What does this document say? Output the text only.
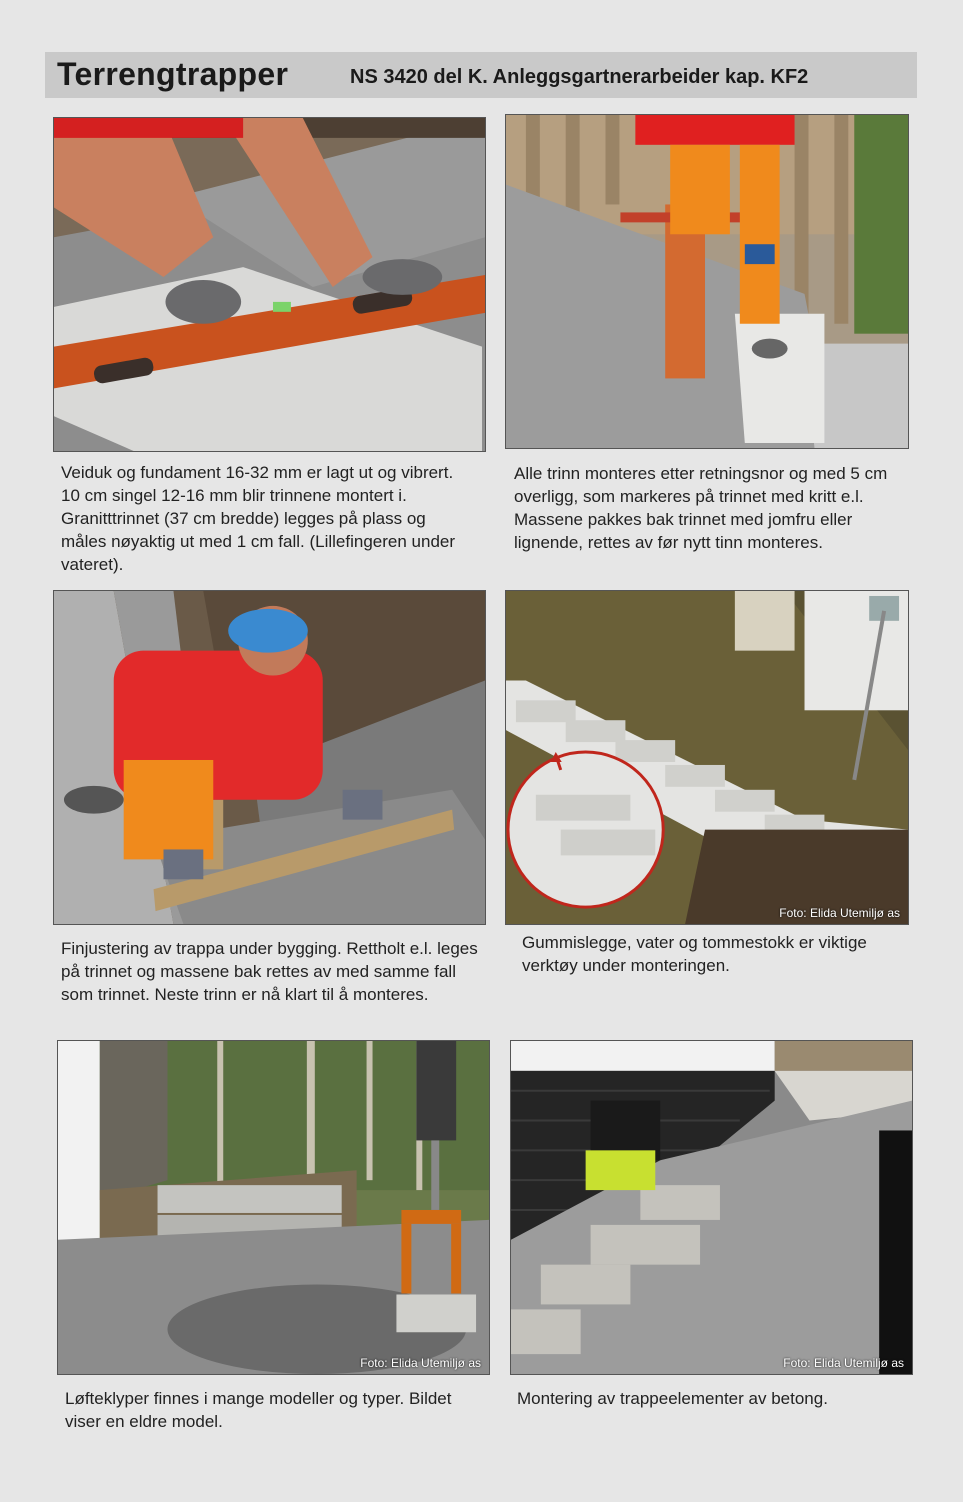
Terrengtrapper	NS 3420 del K. Anleggsgartnerarbeider kap. KF2

Veiduk og fundament 16-32 mm er lagt ut og vibrert. 10 cm singel 12-16 mm blir trinnene montert i. Granitttrinnet (37 cm bredde) legges på plass og måles nøyaktig ut med 1 cm fall. (Lillefingeren under vateret).

Alle trinn monteres etter retningsnor og med 5 cm overligg, som markeres på trinnet med kritt e.l. Massene pakkes bak trinnet med jomfru eller lignende, rettes av før nytt tinn monteres.

Foto: Elida Utemiljø as

Finjustering av trappa under bygging. Rettholt e.l. leges på trinnet og massene bak rettes av med samme fall som trinnet. Neste trinn er nå klart til å monteres.

Gummislegge, vater og tommestokk er viktige verktøy under monteringen.

Foto: Elida Utemiljø as	Foto: Elida Utemiljø as

Løfteklyper finnes i mange modeller og typer. Bildet viser en eldre model.

Montering av trappeelementer av betong.
